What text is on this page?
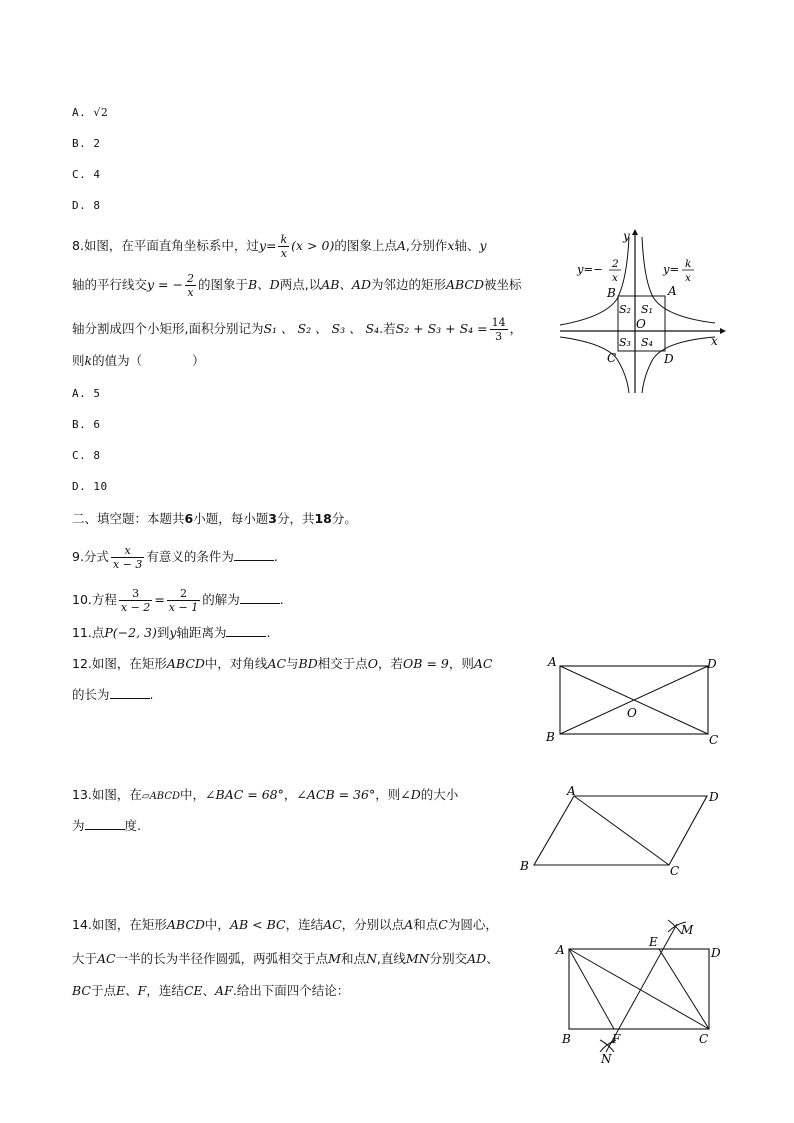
A. √2
B. 2
C. 4
D. 8
8.如图，在平面直角坐标系中，过$y= \frac{k}{x} (x > 0)$的图象上点A,分别作x轴、y
轴的平行线交y = − $\frac{2}{x}$ 的图象于B、D两点,以AB、AD为邻边的矩形ABCD被坐标
轴分割成四个小矩形,面积分别记为S₁ 、 S₂ 、 S₃ 、 S₄.若$S_2 + S_3 + S_4 = \frac{14}{3}$ ，
则k的值为（　　　　）
A. 5
B. 6
C. 8
D. 10
y
x
B	A
C	D
O
S₁
S₂
S₃ S₄
y=− 2
x
y= k
x
二、填空题：本题共6小题，每小题3分，共18分。
9.分式 $\frac{x}{x - 3}$ 有意义的条件为	.
10.方程 $\frac{3}{x - 2} = \frac{2}{x - 1}$ 的解为	.
11.点P(−2, 3)到y轴距离为	.
12.如图，在矩形ABCD中，对角线AC与BD相交于点O，若OB = 9，则AC
的长为	.
A
B	C
D
O
13.如图，在▱ABCD中，∠BAC = 68°，∠ACB = 36°，则∠D的大小
为	度.
A	D
B	C
14.如图，在矩形ABCD中，AB < BC，连结AC，分别以点A和点C为圆心，
大于AC一半的长为半径作圆弧，两弧相交于点M和点N,直线MN分别交AD、
BC于点E、F，连结CE、AF.给出下面四个结论：
A	D
B	C
E
F
M
N
